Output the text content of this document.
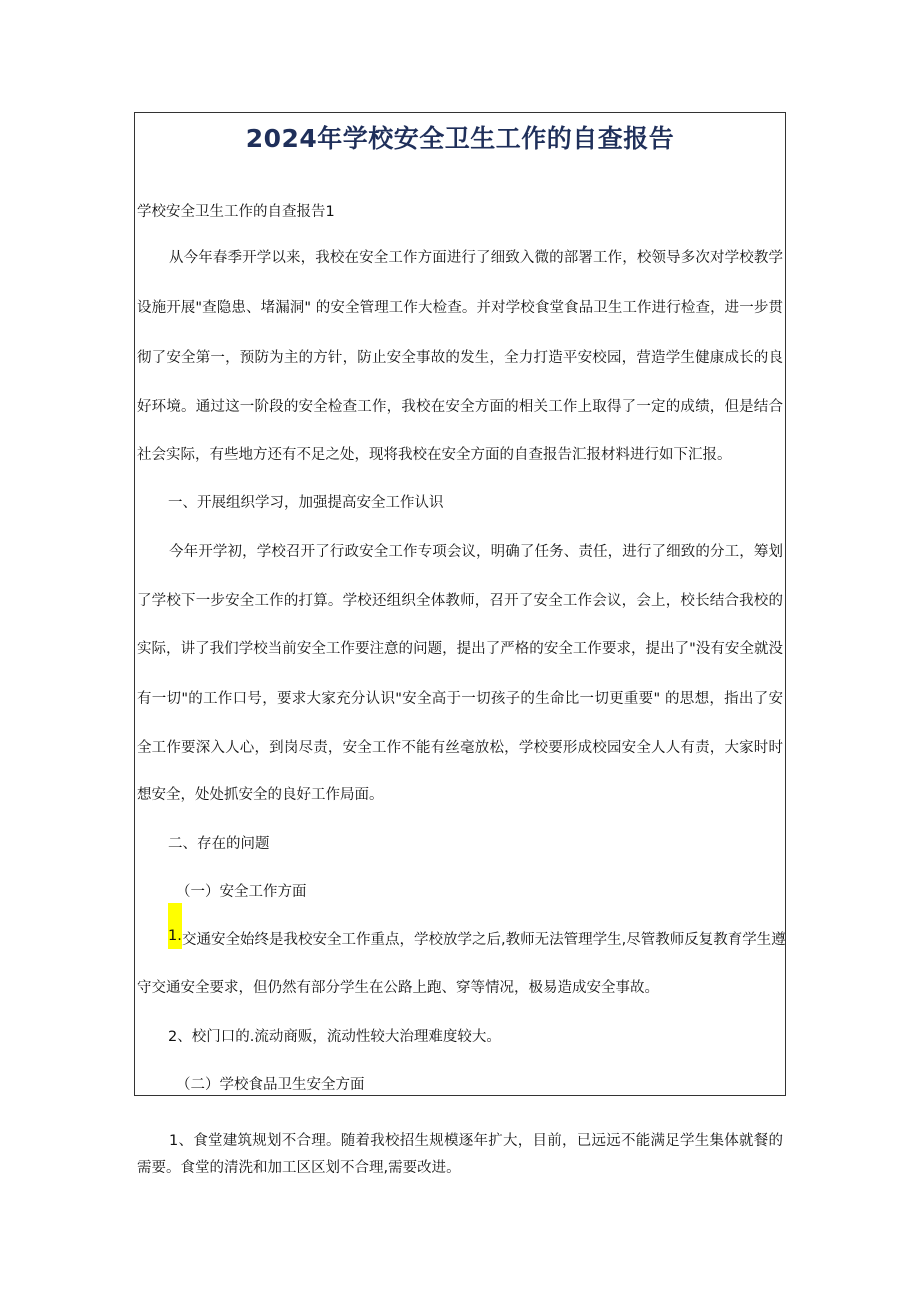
2024年学校安全卫生工作的自查报告
学校安全卫生工作的自查报告1
从今年春季开学以来，我校在安全工作方面进行了细致入微的部署工作，校领导多次对学校教学
设施开展"查隐患、堵漏洞" 的安全管理工作大检查。并对学校食堂食品卫生工作进行检查，进一步贯
彻了安全第一，预防为主的方针，防止安全事故的发生，全力打造平安校园，营造学生健康成长的良
好环境。通过这一阶段的安全检查工作，我校在安全方面的相关工作上取得了一定的成绩，但是结合
社会实际，有些地方还有不足之处，现将我校在安全方面的自查报告汇报材料进行如下汇报。
一、开展组织学习，加强提高安全工作认识
今年开学初，学校召开了行政安全工作专项会议，明确了任务、责任，进行了细致的分工，筹划
了学校下一步安全工作的打算。学校还组织全体教师，召开了安全工作会议，会上，校长结合我校的
实际，讲了我们学校当前安全工作要注意的问题，提出了严格的安全工作要求，提出了"没有安全就没
有一切"的工作口号，要求大家充分认识"安全高于一切孩子的生命比一切更重要" 的思想，指出了安
全工作要深入人心，到岗尽责，安全工作不能有丝毫放松，学校要形成校园安全人人有责，大家时时
想安全，处处抓安全的良好工作局面。
二、存在的问题
（一）安全工作方面
1. 交通安全始终是我校安全工作重点，学校放学之后,教师无法管理学生,尽管教师反复教育学生遵
守交通安全要求，但仍然有部分学生在公路上跑、穿等情况，极易造成安全事故。
2、校门口的.流动商贩，流动性较大治理难度较大。
（二）学校食品卫生安全方面
1、食堂建筑规划不合理。随着我校招生规模逐年扩大，目前，已远远不能满足学生集体就餐的
需要。食堂的清洗和加工区区划不合理,需要改进。
